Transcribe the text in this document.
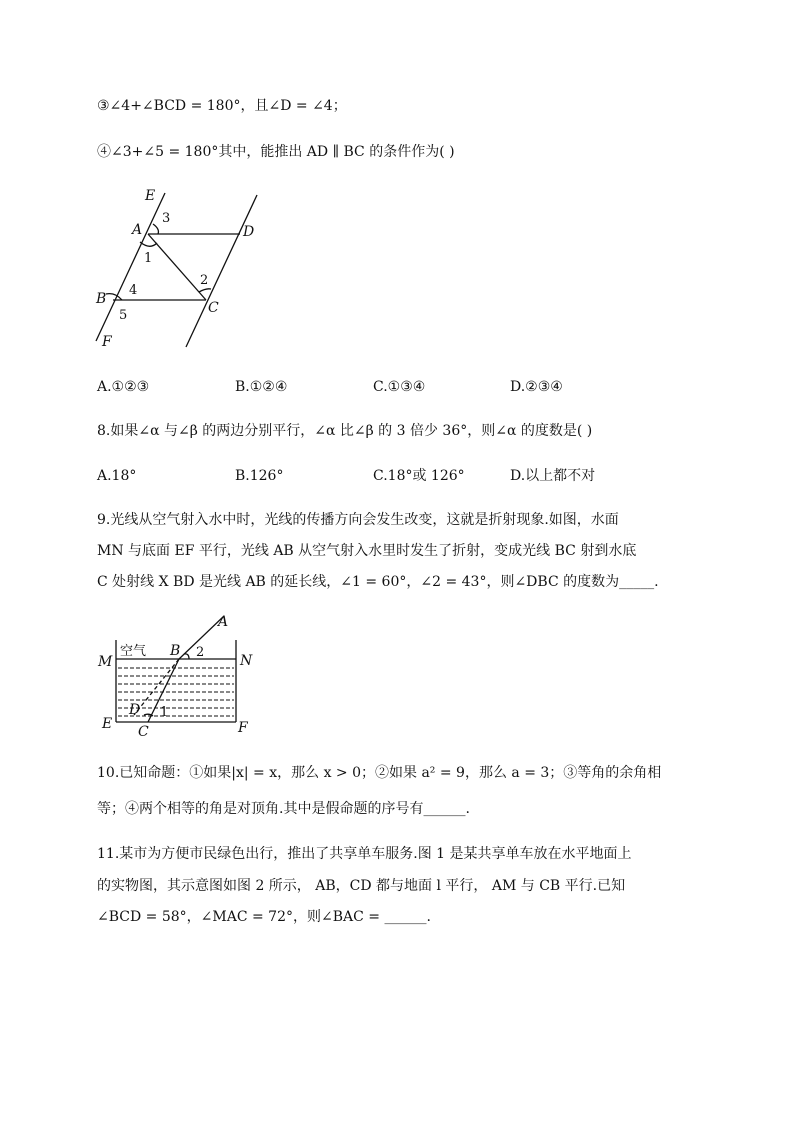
③∠4+∠BCD = 180°，且∠D = ∠4；
④∠3+∠5 = 180°其中，能推出 AD ∥ BC 的条件作为( )
E
A	D
B
C
F
3
1
2
4
5
A.①②③	B.①②④	C.①③④	D.②③④
8.如果∠α 与∠β 的两边分别平行，∠α 比∠β 的 3 倍少 36°，则∠α 的度数是( )
A.18°	B.126°	C.18°或 126°	D.以上都不对
9.光线从空气射入水中时，光线的传播方向会发生改变，这就是折射现象.如图，水面
MN 与底面 EF 平行，光线 AB 从空气射入水里时发生了折射，变成光线 BC 射到水底
C 处射线 X BD 是光线 AB 的延长线，∠1 = 60°，∠2 = 43°，则∠DBC 的度数为_____.
A
B
M	N
D
E	F
C
空气	2
1
10.已知命题：①如果|x| = x，那么 x > 0；②如果 a² = 9，那么 a = 3；③等角的余角相
等；④两个相等的角是对顶角.其中是假命题的序号有______.
11.某市为方便市民绿色出行，推出了共享单车服务.图 1 是某共享单车放在水平地面上
的实物图，其示意图如图 2 所示， AB，CD 都与地面 l 平行， AM 与 CB 平行.已知
∠BCD = 58°，∠MAC = 72°，则∠BAC = ______.
